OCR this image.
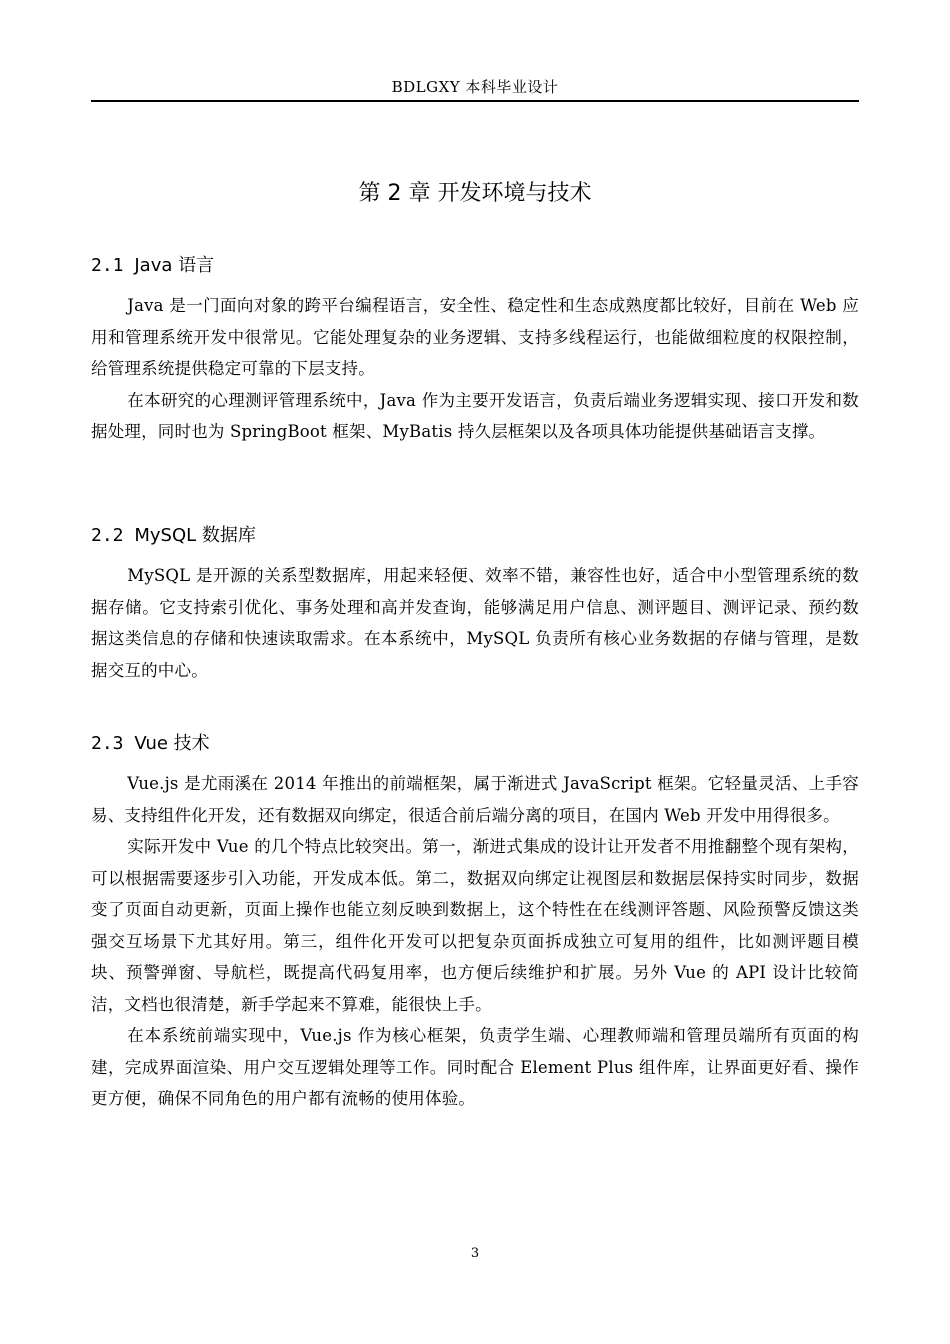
BDLGXY 本科毕业设计
第 2 章 开发环境与技术
2.1 Java 语言

Java 是一门面向对象的跨平台编程语言，安全性、稳定性和生态成熟度都比较好，目前在 Web 应用和管理系统开发中很常见。它能处理复杂的业务逻辑、支持多线程运行，也能做细粒度的权限控制，给管理系统提供稳定可靠的下层支持。

在本研究的心理测评管理系统中，Java 作为主要开发语言，负责后端业务逻辑实现、接口开发和数据处理，同时也为 SpringBoot 框架、MyBatis 持久层框架以及各项具体功能提供基础语言支撑。

2.2 MySQL 数据库

MySQL 是开源的关系型数据库，用起来轻便、效率不错，兼容性也好，适合中小型管理系统的数据存储。它支持索引优化、事务处理和高并发查询，能够满足用户信息、测评题目、测评记录、预约数据这类信息的存储和快速读取需求。在本系统中，MySQL 负责所有核心业务数据的存储与管理，是数据交互的中心。

2.3 Vue 技术

Vue.js 是尤雨溪在 2014 年推出的前端框架，属于渐进式 JavaScript 框架。它轻量灵活、上手容易、支持组件化开发，还有数据双向绑定，很适合前后端分离的项目，在国内 Web 开发中用得很多。

实际开发中 Vue 的几个特点比较突出。第一，渐进式集成的设计让开发者不用推翻整个现有架构，可以根据需要逐步引入功能，开发成本低。第二，数据双向绑定让视图层和数据层保持实时同步，数据变了页面自动更新，页面上操作也能立刻反映到数据上，这个特性在在线测评答题、风险预警反馈这类强交互场景下尤其好用。第三，组件化开发可以把复杂页面拆成独立可复用的组件，比如测评题目模块、预警弹窗、导航栏，既提高代码复用率，也方便后续维护和扩展。另外 Vue 的 API 设计比较简洁，文档也很清楚，新手学起来不算难，能很快上手。

在本系统前端实现中，Vue.js 作为核心框架，负责学生端、心理教师端和管理员端所有页面的构建，完成界面渲染、用户交互逻辑处理等工作。同时配合 Element Plus 组件库，让界面更好看、操作更方便，确保不同角色的用户都有流畅的使用体验。

3
